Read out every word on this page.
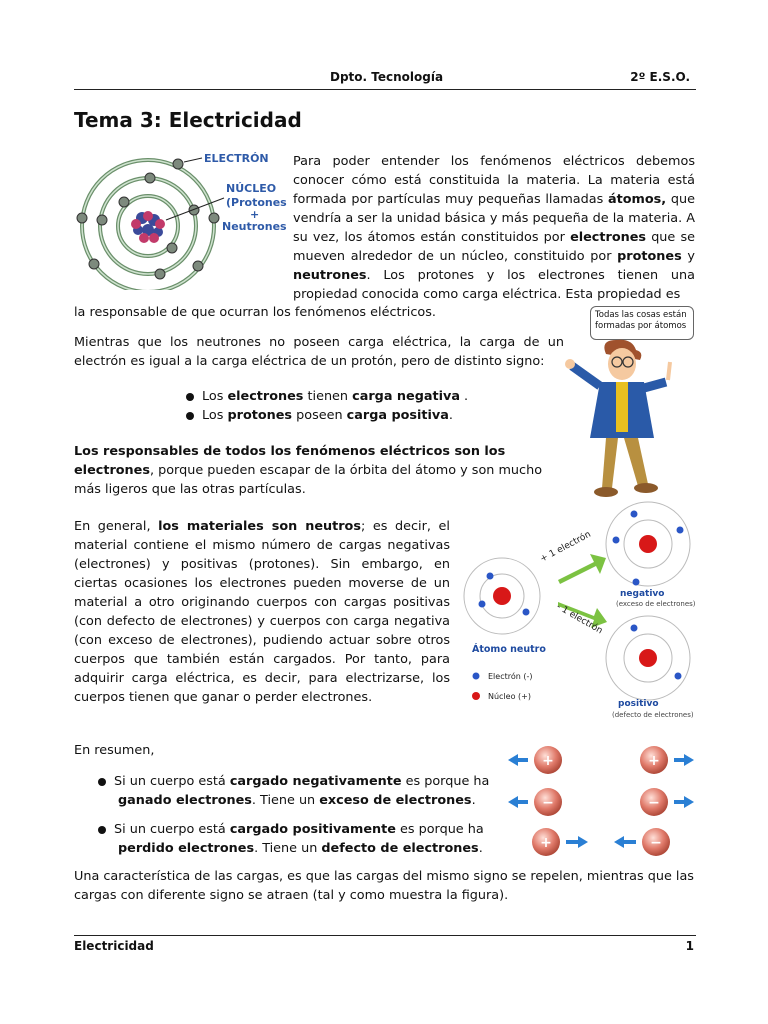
Dpto. Tecnología	2º E.S.O.
Tema 3: Electricidad
ELECTRÓN
NÚCLEO
(Protones
+
Neutrones
Para poder entender los fenómenos eléctricos debemos conocer cómo está constituida la materia. La materia está formada por partículas muy pequeñas llamadas átomos, que vendría a ser la unidad básica y más pequeña de la materia. A su vez, los átomos están constituidos por electrones que se mueven alrededor de un núcleo, constituido por protones y neutrones. Los protones y los electrones tienen una propiedad conocida como carga eléctrica. Esta propiedad es
la responsable de que ocurran los fenómenos eléctricos.	Todas las cosas están formadas por átomos
Mientras que los neutrones no poseen carga eléctrica, la carga de un electrón es igual a la carga eléctrica de un protón, pero de distinto signo:
Los electrones tienen carga negativa .
Los protones poseen carga positiva.
Los responsables de todos los fenómenos eléctricos son los electrones, porque pueden escapar de la órbita del átomo y son mucho más ligeros que las otras partículas.
En general, los materiales son neutros; es decir, el material contiene el mismo número de cargas negativas (electrones) y positivas (protones). Sin embargo, en ciertas ocasiones los electrones pueden moverse de un material a otro originando cuerpos con cargas positivas (con defecto de electrones) y cuerpos con carga negativa (con exceso de electrones), pudiendo actuar sobre otros cuerpos que también están cargados. Por tanto, para adquirir carga eléctrica, es decir, para electrizarse, los cuerpos tienen que ganar o perder electrones.
+ 1 electrón
- 1 electrón
negativo
(exceso de electrones)
positivo
(defecto de electrones)
Átomo neutro
Electrón (-)
Núcleo (+)
En resumen,
Si un cuerpo está cargado negativamente es porque ha
ganado electrones. Tiene un exceso de electrones.
Si un cuerpo está cargado positivamente es porque ha
perdido electrones. Tiene un defecto de electrones.
+	+
−	−
+	−
Una característica de las cargas, es que las cargas del mismo signo se repelen, mientras que las cargas con diferente signo se atraen (tal y como muestra la figura).
Electricidad	1
